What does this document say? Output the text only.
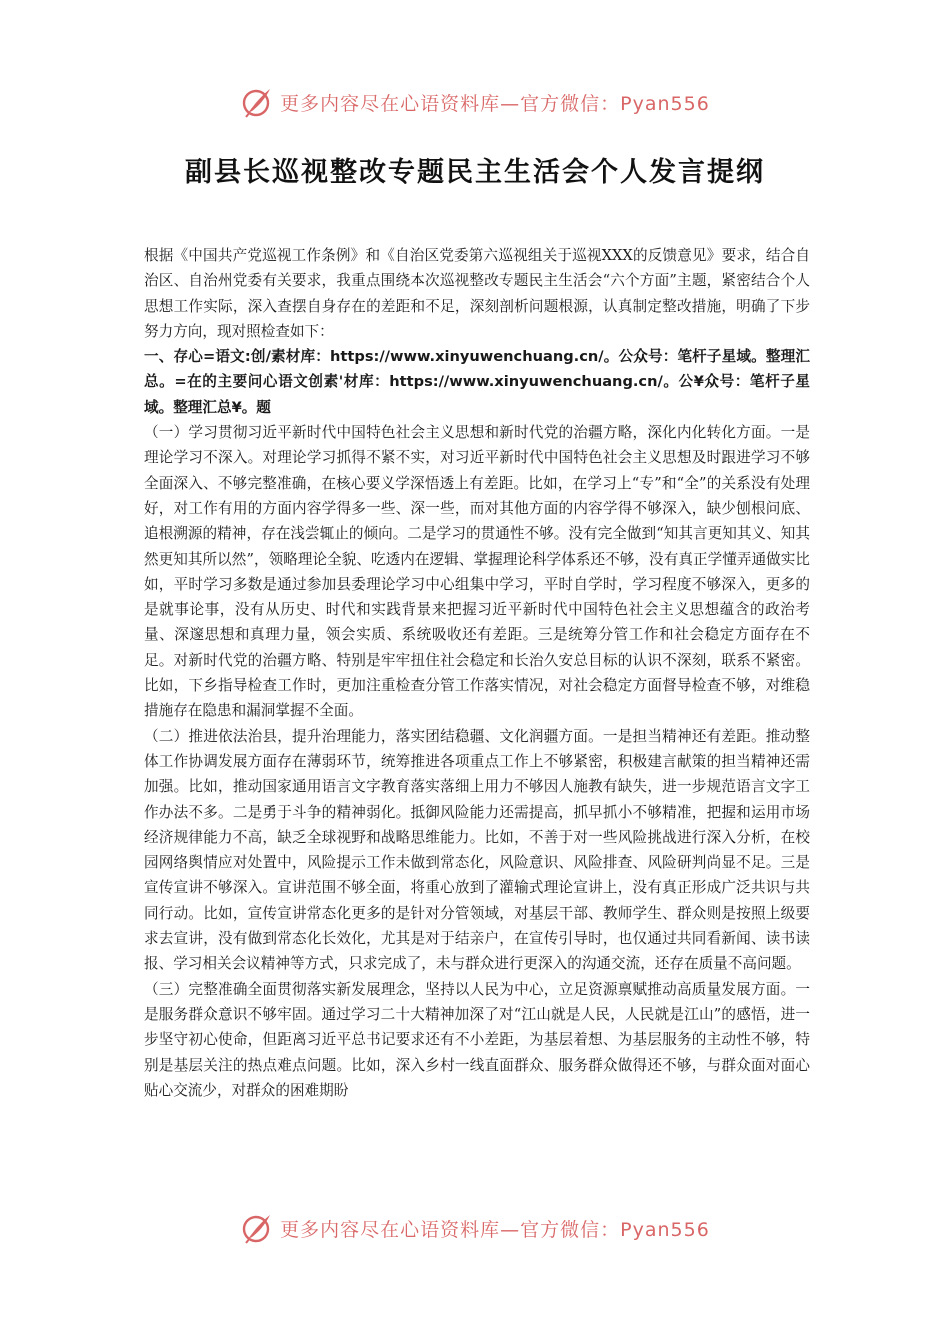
更多内容尽在心语资料库—官方微信：Pyan556
副县长巡视整改专题民主生活会个人发言提纲

根据《中国共产党巡视工作条例》和《自治区党委第六巡视组关于巡视XXX的反馈意见》要求，结合自治区、自治州党委有关要求，我重点围绕本次巡视整改专题民主生活会“六个方面”主题，紧密结合个人思想工作实际，深入查摆自身存在的差距和不足，深刻剖析问题根源，认真制定整改措施，明确了下步努力方向，现对照检查如下：

一、存心=语文:创/素材库：https://www.xinyuwenchuang.cn/。公众号：笔杆子星域。整理汇总。=在的主要问心语文创素'材库：https://www.xinyuwenchuang.cn/。公¥众号：笔杆子星域。整理汇总¥。题

（一）学习贯彻习近平新时代中国特色社会主义思想和新时代党的治疆方略，深化内化转化方面。一是理论学习不深入。对理论学习抓得不紧不实，对习近平新时代中国特色社会主义思想及时跟进学习不够全面深入、不够完整准确，在核心要义学深悟透上有差距。比如，在学习上“专”和“全”的关系没有处理好，对工作有用的方面内容学得多一些、深一些，而对其他方面的内容学得不够深入，缺少刨根问底、追根溯源的精神，存在浅尝辄止的倾向。二是学习的贯通性不够。没有完全做到“知其言更知其义、知其然更知其所以然”，领略理论全貌、吃透内在逻辑、掌握理论科学体系还不够，没有真正学懂弄通做实比如，平时学习多数是通过参加县委理论学习中心组集中学习，平时自学时，学习程度不够深入，更多的是就事论事，没有从历史、时代和实践背景来把握习近平新时代中国特色社会主义思想蕴含的政治考量、深邃思想和真理力量，领会实质、系统吸收还有差距。三是统筹分管工作和社会稳定方面存在不足。对新时代党的治疆方略、特别是牢牢扭住社会稳定和长治久安总目标的认识不深刻，联系不紧密。比如，下乡指导检查工作时，更加注重检查分管工作落实情况，对社会稳定方面督导检查不够，对维稳措施存在隐患和漏洞掌握不全面。

（二）推进依法治县，提升治理能力，落实团结稳疆、文化润疆方面。一是担当精神还有差距。推动整体工作协调发展方面存在薄弱环节，统筹推进各项重点工作上不够紧密，积极建言献策的担当精神还需加强。比如，推动国家通用语言文字教育落实落细上用力不够因人施教有缺失，进一步规范语言文字工作办法不多。二是勇于斗争的精神弱化。抵御风险能力还需提高，抓早抓小不够精准，把握和运用市场经济规律能力不高，缺乏全球视野和战略思维能力。比如，不善于对一些风险挑战进行深入分析，在校园网络舆情应对处置中，风险提示工作未做到常态化，风险意识、风险排查、风险研判尚显不足。三是宣传宣讲不够深入。宣讲范围不够全面，将重心放到了灌输式理论宣讲上，没有真正形成广泛共识与共同行动。比如，宣传宣讲常态化更多的是针对分管领域，对基层干部、教师学生、群众则是按照上级要求去宣讲，没有做到常态化长效化，尤其是对于结亲户，在宣传引导时，也仅通过共同看新闻、读书读报、学习相关会议精神等方式，只求完成了，未与群众进行更深入的沟通交流，还存在质量不高问题。

（三）完整准确全面贯彻落实新发展理念，坚持以人民为中心，立足资源禀赋推动高质量发展方面。一是服务群众意识不够牢固。通过学习二十大精神加深了对“江山就是人民，人民就是江山”的感悟，进一步坚守初心使命，但距离习近平总书记要求还有不小差距，为基层着想、为基层服务的主动性不够，特别是基层关注的热点难点问题。比如，深入乡村一线直面群众、服务群众做得还不够，与群众面对面心贴心交流少，对群众的困难期盼

更多内容尽在心语资料库—官方微信：Pyan556
